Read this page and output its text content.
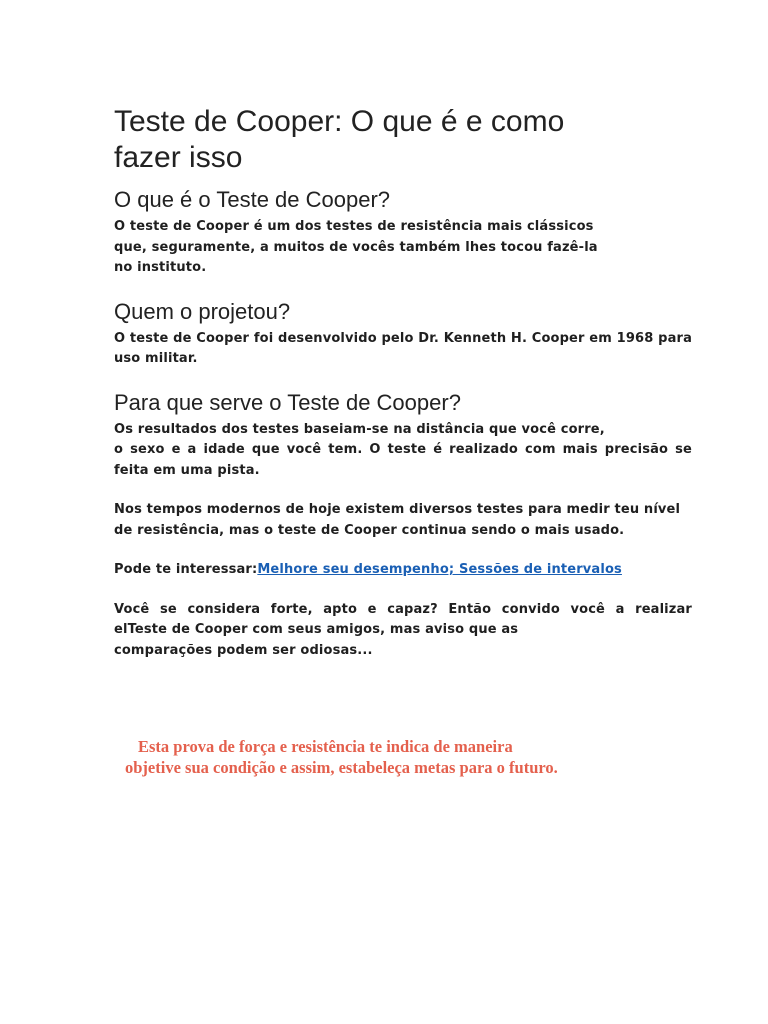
Teste de Cooper: O que é e como
fazer isso
O que é o Teste de Cooper?

O teste de Cooper é um dos testes de resistência mais clássicos
que, seguramente, a muitos de vocês também lhes tocou fazê-la
no instituto.

Quem o projetou?

O teste de Cooper foi desenvolvido pelo Dr. Kenneth H. Cooper em 1968 para uso militar.

Para que serve o Teste de Cooper?

Os resultados dos testes baseiam-se na distância que você corre,
o sexo e a idade que você tem. O teste é realizado com mais precisão se feita em uma pista.

Nos tempos modernos de hoje existem diversos testes para medir teu nível de resistência, mas o teste de Cooper continua sendo o mais usado.

Pode te interessar:Melhore seu desempenho; Sessões de intervalos

Você se considera forte, apto e capaz? Então convido você a realizar
elTeste de Cooper com seus amigos, mas aviso que as
comparações podem ser odiosas...

Esta prova de força e resistência te indica de maneira
objetive sua condição e assim, estabeleça metas para o futuro.
